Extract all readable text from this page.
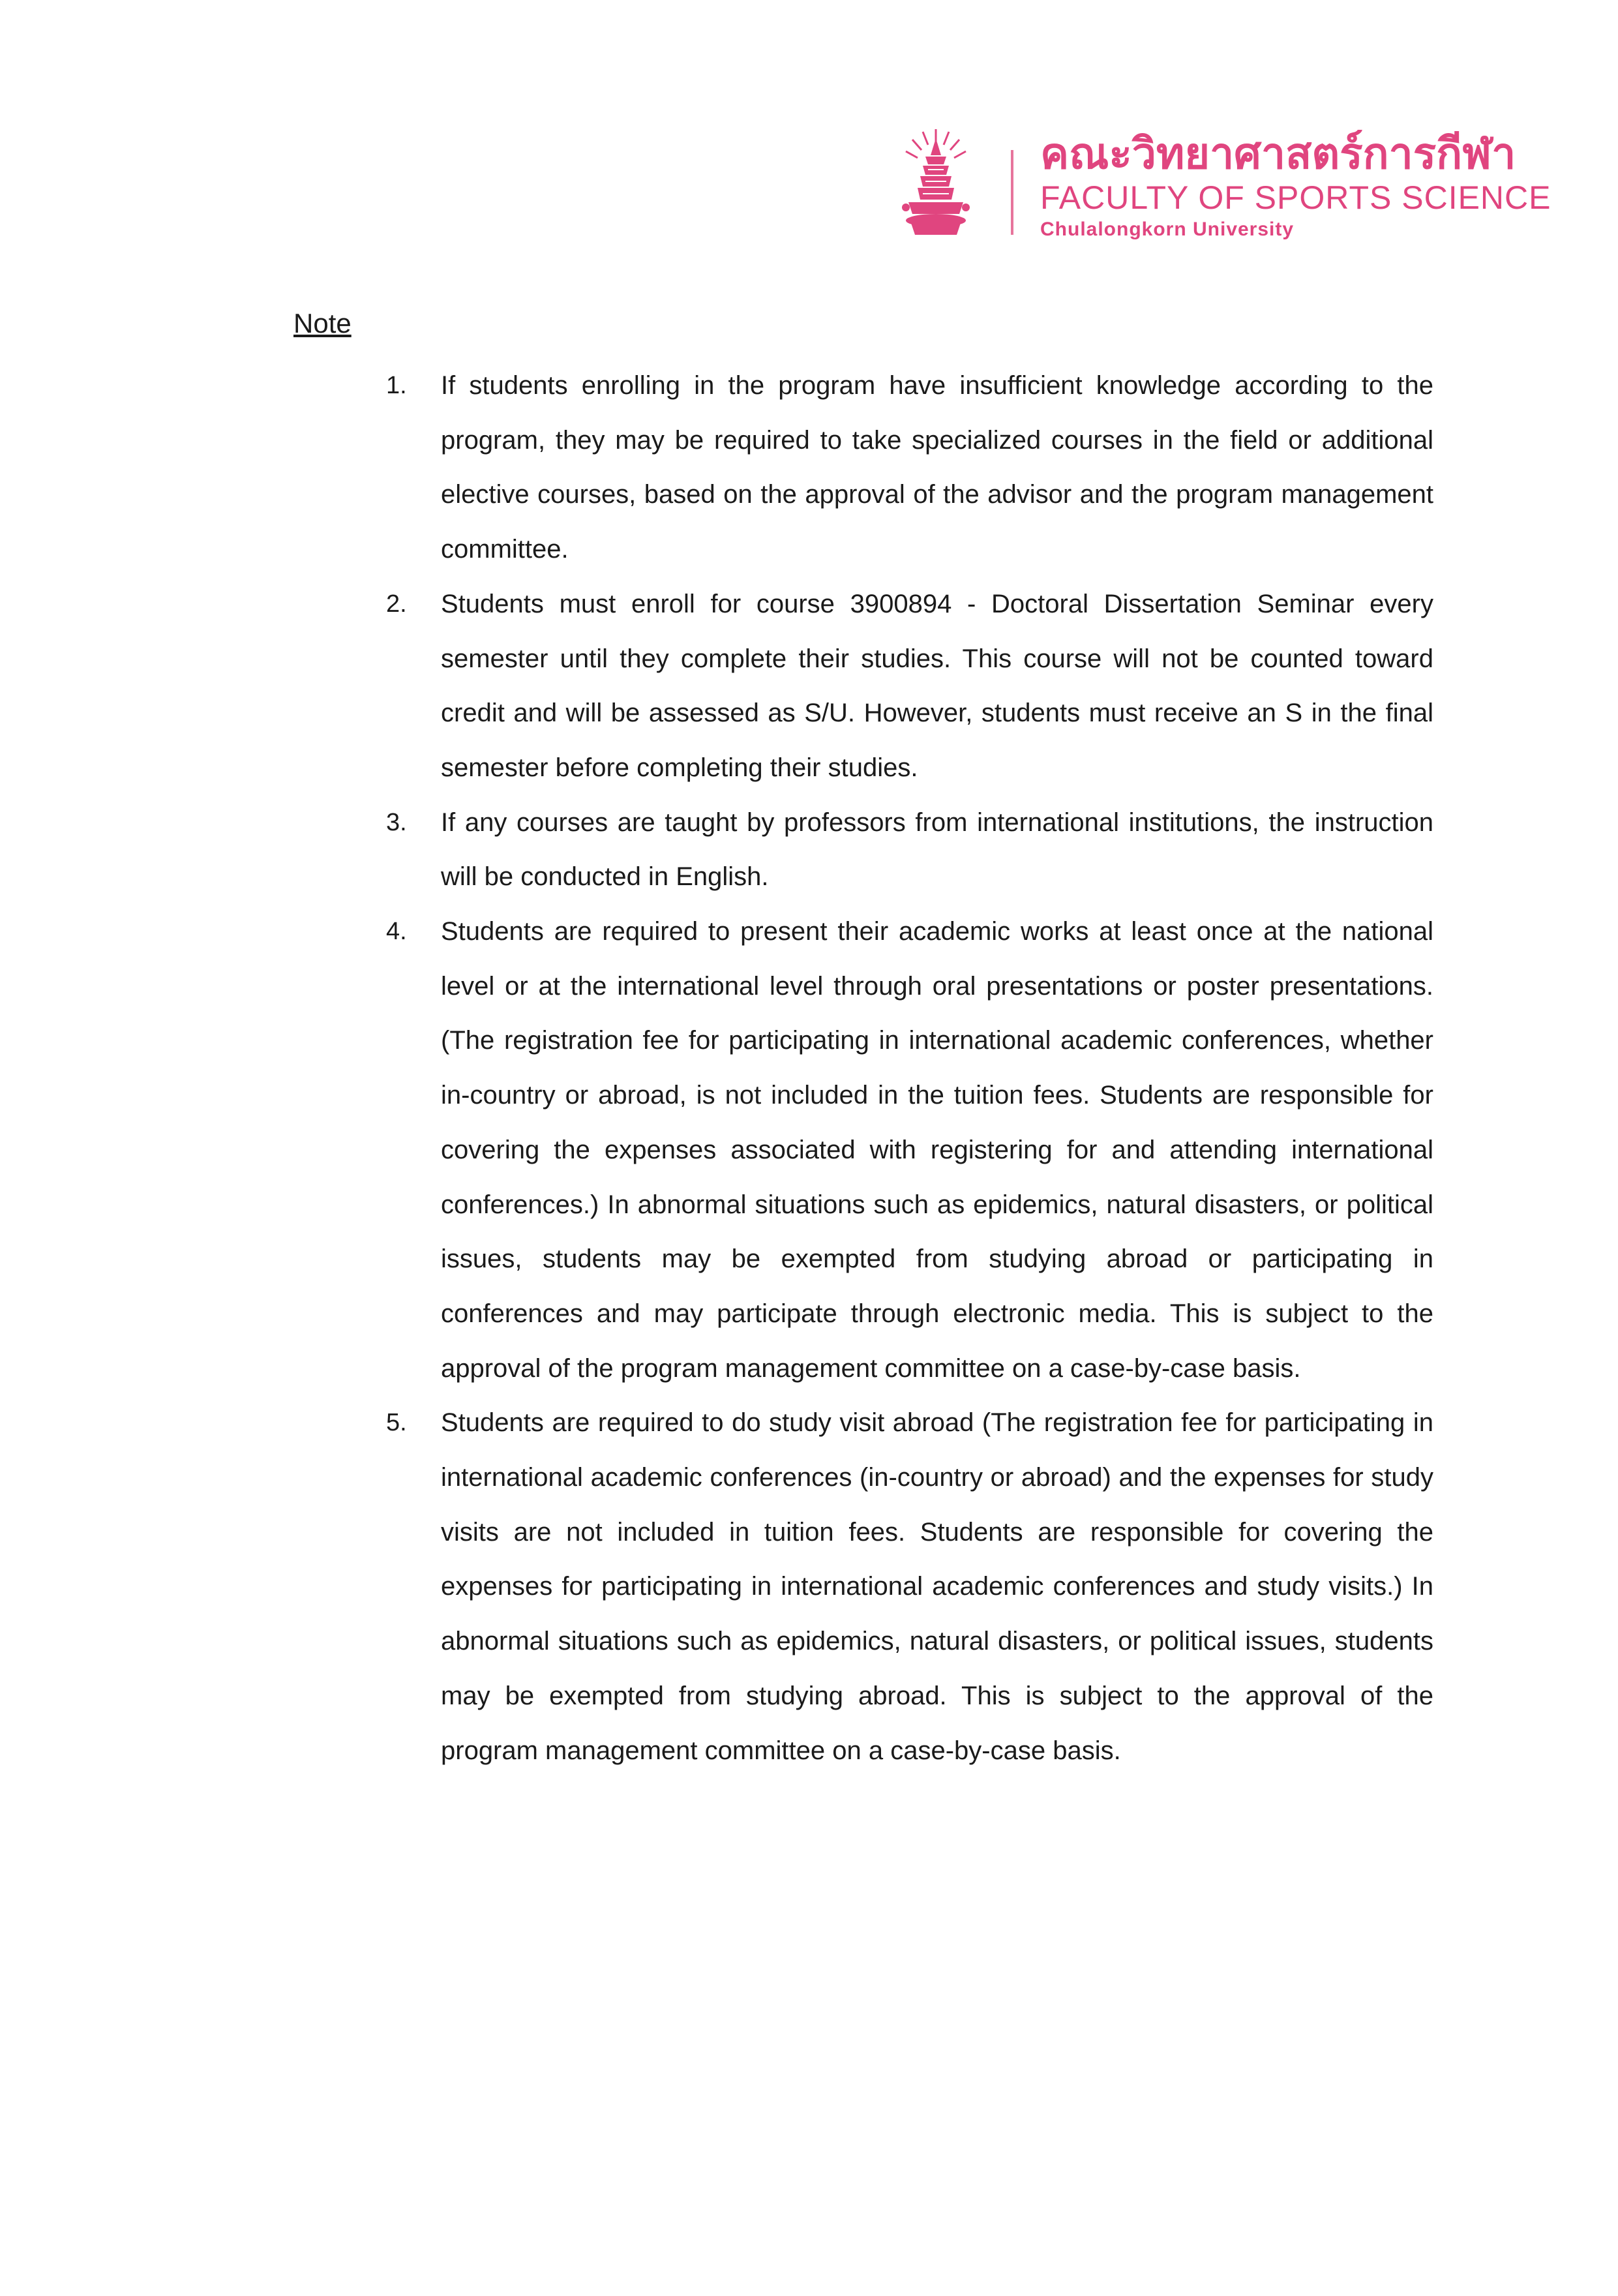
คณะวิทยาศาสตร์การกีฬา
FACULTY OF SPORTS SCIENCE
Chulalongkorn University
Note
1.	If students enrolling in the program have insufficient knowledge according to the program, they may be required to take specialized courses in the field or additional elective courses, based on the approval of the advisor and the program management committee.
2.	Students must enroll for course 3900894 - Doctoral Dissertation Seminar every semester until they complete their studies. This course will not be counted toward credit and will be assessed as S/U. However, students must receive an S in the final semester before completing their studies.
3.	If any courses are taught by professors from international institutions, the instruction will be conducted in English.
4.	Students are required to present their academic works at least once at the national level or at the international level through oral presentations or poster presentations. (The registration fee for participating in international academic conferences, whether in-country or abroad, is not included in the tuition fees. Students are responsible for covering the expenses associated with registering for and attending international conferences.) In abnormal situations such as epidemics, natural disasters, or political issues, students may be exempted from studying abroad or participating in conferences and may participate through electronic media. This is subject to the approval of the program management committee on a case-by-case basis.
5.	Students are required to do study visit abroad (The registration fee for participating in international academic conferences (in-country or abroad) and the expenses for study visits are not included in tuition fees. Students are responsible for covering the expenses for participating in international academic conferences and study visits.) In abnormal situations such as epidemics, natural disasters, or political issues, students may be exempted from studying abroad. This is subject to the approval of the program management committee on a case-by-case basis.
